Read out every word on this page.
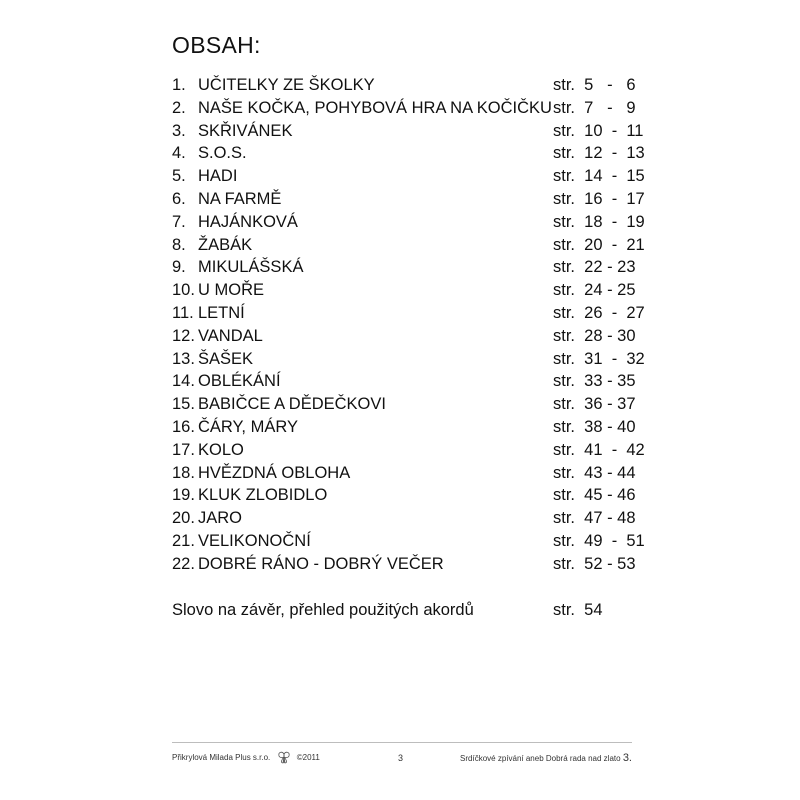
OBSAH:
1. UČITELKY ZE ŠKOLKY	str.  5   -   6
2. NAŠE KOČKA, POHYBOVÁ HRA NA KOČIČKU str.  7   -   9
3. SKŘIVÁNEK	str.  10  -  11
4. S.O.S.	str.  12  -  13
5. HADI	str.  14  -  15
6. NA FARMĚ	str.  16  -  17
7. HAJÁNKOVÁ	str.  18  -  19
8. ŽABÁK	str.  20  -  21
9. MIKULÁŠSKÁ	str.  22 - 23
10. U MOŘE	str.  24 - 25
11. LETNÍ	str.  26  -  27
12. VANDAL	str.  28 - 30
13. ŠAŠEK	str.  31  -  32
14. OBLÉKÁNÍ	str.  33 - 35
15. BABIČCE A DĚDEČKOVI	str.  36 - 37
16. ČÁRY, MÁRY	str.  38 - 40
17. KOLO	str.  41  -  42
18. HVĚZDNÁ OBLOHA	str.  43 - 44
19. KLUK ZLOBIDLO	str.  45 - 46
20. JARO	str.  47 - 48
21. VELIKONOČNÍ	str.  49  -  51
22. DOBRÉ RÁNO - DOBRÝ VEČER	str.  52 - 53
Slovo na závěr, přehled použitých akordů	str.  54
Přikrylová Milada Plus s.r.o.	©2011	3	Srdíčkové zpívání aneb Dobrá rada nad zlato 3.
